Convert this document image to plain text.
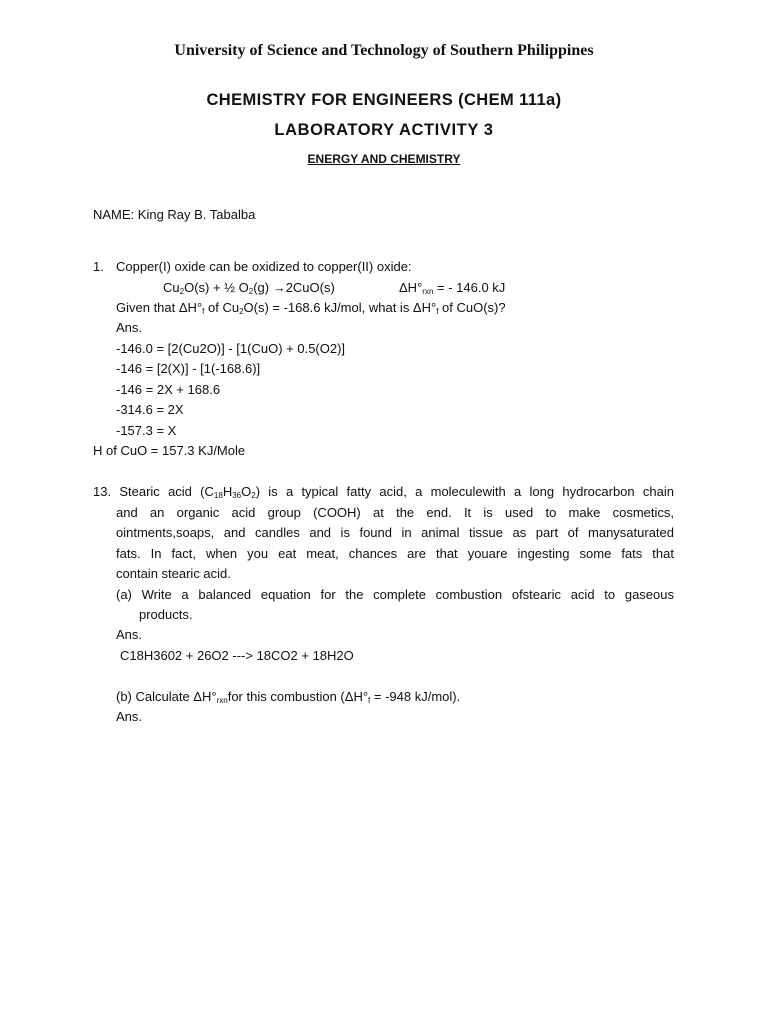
University of Science and Technology of Southern Philippines
CHEMISTRY FOR ENGINEERS (CHEM 111a)
LABORATORY ACTIVITY 3
ENERGY AND CHEMISTRY
NAME: King Ray B. Tabalba
1. Copper(I) oxide can be oxidized to copper(II) oxide:
$Cu_2O(s)$ + ½ $O_2(g) \to 2CuO(s)$	$\Delta H^\circ_{rxn}$ = - 146.0 kJ
Given that $\Delta H^\circ_f$ of $Cu_2O(s) = -168.6$ kJ/mol, what is $\Delta H^\circ_f$ of CuO(s)?
Ans.
-146.0 = [2(Cu2O)] - [1(CuO) + 0.5(O2)]
-146 = [2(X)] - [1(-168.6)]
-146 = 2X + 168.6
-314.6 = 2X
-157.3 = X
H of CuO = 157.3 KJ/Mole
13. Stearic acid $(C_{18}H_{36}O_2)$ is a typical fatty acid, a moleculewith a long hydrocarbon chain
and an organic acid group (COOH) at the end. It is used to make cosmetics,
ointments,soaps, and candles and is found in animal tissue as part of manysaturated
fats. In fact, when you eat meat, chances are that youare ingesting some fats that
contain stearic acid.
(a) Write a balanced equation for the complete combustion ofstearic acid to gaseous
products.
Ans.
C18H3602 + 26O2 ---> 18CO2 + 18H2O
(b) Calculate $\Delta H^\circ_{rxn}for$ this combustion ($\Delta H^\circ_f = -948$ kJ/mol).
Ans.
